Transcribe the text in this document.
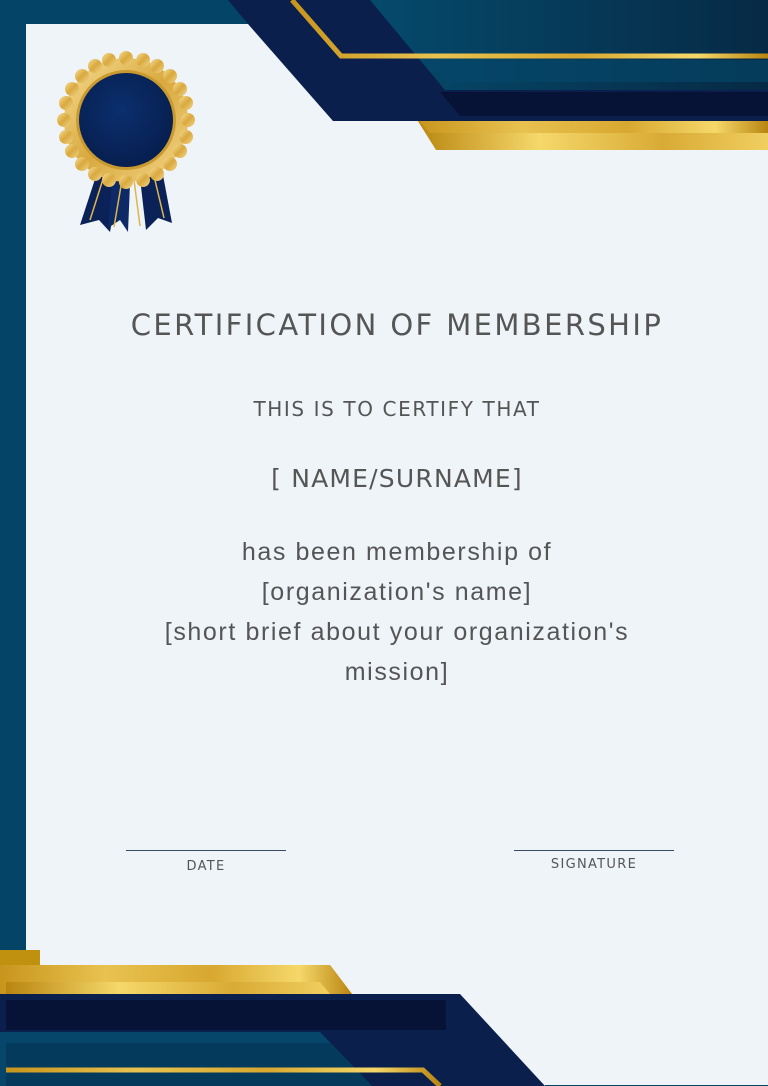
CERTIFICATION OF MEMBERSHIP
THIS IS TO CERTIFY THAT
[ NAME/SURNAME]
has been membership of
[organization's name]
[short brief about your organization's
mission]
DATE	SIGNATURE
